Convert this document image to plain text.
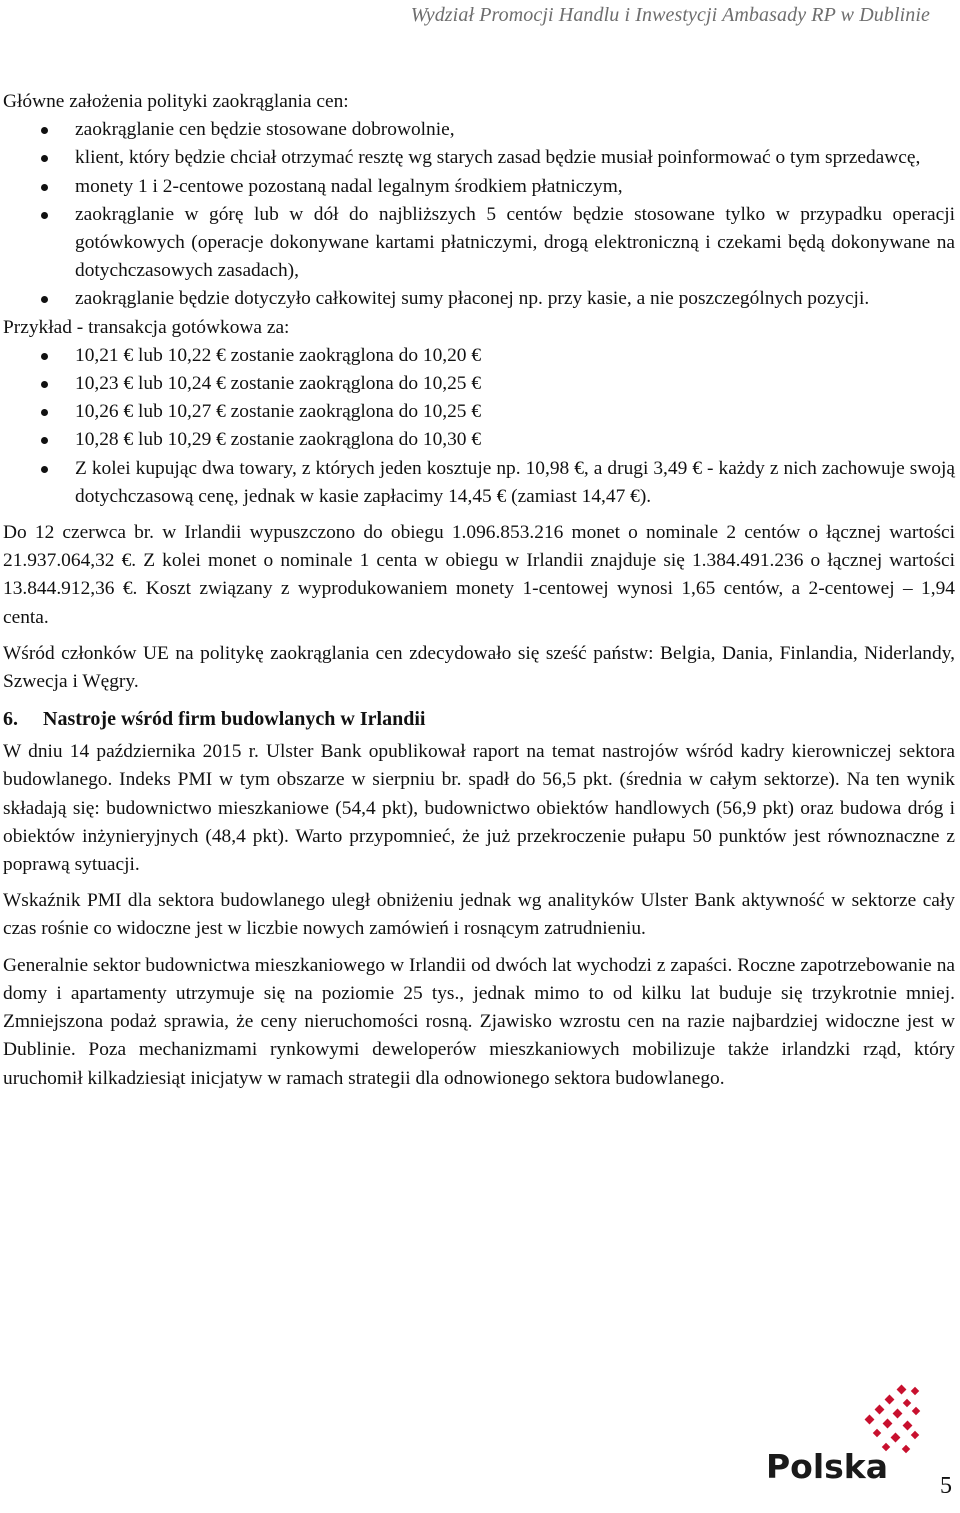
Wydział Promocji Handlu i Inwestycji Ambasady RP w Dublinie

Główne założenia polityki zaokrąglania cen:

zaokrąglanie cen będzie stosowane dobrowolnie,
klient, który będzie chciał otrzymać resztę wg starych zasad będzie musiał poinformować o tym sprzedawcę,
monety 1 i 2-centowe pozostaną nadal legalnym środkiem płatniczym,
zaokrąglanie w górę lub w dół do najbliższych 5 centów będzie stosowane tylko w przypadku operacji gotówkowych (operacje dokonywane kartami płatniczymi, drogą elektroniczną i czekami będą dokonywane na dotychczasowych zasadach),
zaokrąglanie będzie dotyczyło całkowitej sumy płaconej np. przy kasie, a nie poszczególnych pozycji.

Przykład - transakcja gotówkowa za:

10,21 € lub 10,22 € zostanie zaokrąglona do 10,20 €
10,23 € lub 10,24 € zostanie zaokrąglona do 10,25 €
10,26 € lub 10,27 € zostanie zaokrąglona do 10,25 €
10,28 € lub 10,29 € zostanie zaokrąglona do 10,30 €
Z kolei kupując dwa towary, z których jeden kosztuje np. 10,98 €, a drugi 3,49 € - każdy z nich zachowuje swoją dotychczasową cenę, jednak w kasie zapłacimy 14,45 € (zamiast 14,47 €).

Do 12 czerwca br. w Irlandii wypuszczono do obiegu 1.096.853.216 monet o nominale 2 centów o łącznej wartości 21.937.064,32 €. Z kolei monet o nominale 1 centa w obiegu w Irlandii znajduje się 1.384.491.236 o łącznej wartości 13.844.912,36 €. Koszt związany z wyprodukowaniem monety 1-centowej wynosi 1,65 centów, a 2-centowej – 1,94 centa.

Wśród członków UE na politykę zaokrąglania cen zdecydowało się sześć państw: Belgia, Dania, Finlandia, Niderlandy, Szwecja i Węgry.

6. Nastroje wśród firm budowlanych w Irlandii

W dniu 14 października 2015 r. Ulster Bank opublikował raport na temat nastrojów wśród kadry kierowniczej sektora budowlanego. Indeks PMI w tym obszarze w sierpniu br. spadł do 56,5 pkt. (średnia w całym sektorze). Na ten wynik składają się: budownictwo mieszkaniowe (54,4 pkt), budownictwo obiektów handlowych (56,9 pkt) oraz budowa dróg i obiektów inżynieryjnych (48,4 pkt). Warto przypomnieć, że już przekroczenie pułapu 50 punktów jest równoznaczne z poprawą sytuacji.

Wskaźnik PMI dla sektora budowlanego uległ obniżeniu jednak wg analityków Ulster Bank aktywność w sektorze cały czas rośnie co widoczne jest w liczbie nowych zamówień i rosnącym zatrudnieniu.

Generalnie sektor budownictwa mieszkaniowego w Irlandii od dwóch lat wychodzi z zapaści. Roczne zapotrzebowanie na domy i apartamenty utrzymuje się na poziomie 25 tys., jednak mimo to od kilku lat buduje się trzykrotnie mniej. Zmniejszona podaż sprawia, że ceny nieruchomości rosną. Zjawisko wzrostu cen na razie najbardziej widoczne jest w Dublinie. Poza mechanizmami rynkowymi deweloperów mieszkaniowych mobilizuje także irlandzki rząd, który uruchomił kilkadziesiąt inicjatyw w ramach strategii dla odnowionego sektora budowlanego.

Polska 5
